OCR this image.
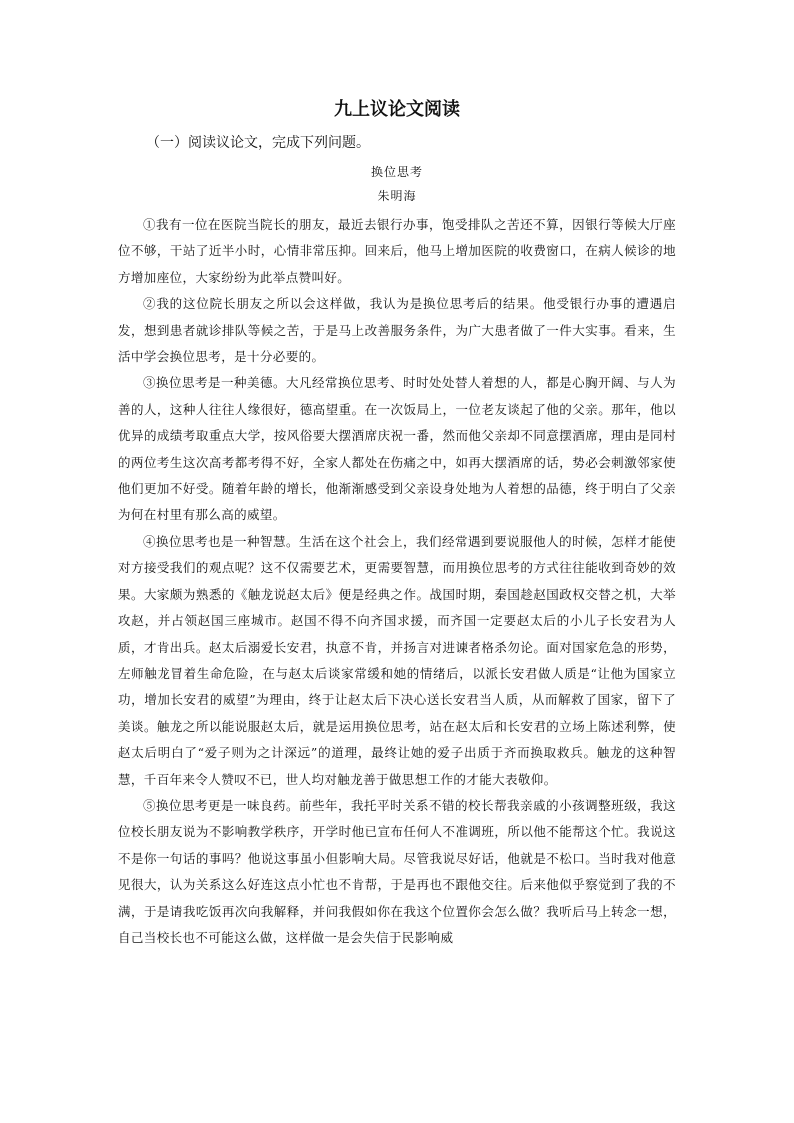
九上议论文阅读

（一）阅读议论文，完成下列问题。

换位思考

朱明海

①我有一位在医院当院长的朋友，最近去银行办事，饱受排队之苦还不算，因银行等候大厅座位不够，干站了近半小时，心情非常压抑。回来后，他马上增加医院的收费窗口，在病人候诊的地方增加座位，大家纷纷为此举点赞叫好。

②我的这位院长朋友之所以会这样做，我认为是换位思考后的结果。他受银行办事的遭遇启发，想到患者就诊排队等候之苦，于是马上改善服务条件，为广大患者做了一件大实事。看来，生活中学会换位思考，是十分必要的。

③换位思考是一种美德。大凡经常换位思考、时时处处替人着想的人，都是心胸开阔、与人为善的人，这种人往往人缘很好，德高望重。在一次饭局上，一位老友谈起了他的父亲。那年，他以优异的成绩考取重点大学，按风俗要大摆酒席庆祝一番，然而他父亲却不同意摆酒席，理由是同村的两位考生这次高考都考得不好，全家人都处在伤痛之中，如再大摆酒席的话，势必会刺激邻家使他们更加不好受。随着年龄的增长，他渐渐感受到父亲设身处地为人着想的品德，终于明白了父亲为何在村里有那么高的威望。

④换位思考也是一种智慧。生活在这个社会上，我们经常遇到要说服他人的时候，怎样才能使对方接受我们的观点呢？这不仅需要艺术，更需要智慧，而用换位思考的方式往往能收到奇妙的效果。大家颇为熟悉的《触龙说赵太后》便是经典之作。战国时期，秦国趁赵国政权交替之机，大举攻赵，并占领赵国三座城市。赵国不得不向齐国求援，而齐国一定要赵太后的小儿子长安君为人质，才肯出兵。赵太后溺爱长安君，执意不肯，并扬言对进谏者格杀勿论。面对国家危急的形势，左师触龙冒着生命危险，在与赵太后谈家常缓和她的情绪后，以派长安君做人质是“让他为国家立功，增加长安君的威望”为理由，终于让赵太后下决心送长安君当人质，从而解救了国家，留下了美谈。触龙之所以能说服赵太后，就是运用换位思考，站在赵太后和长安君的立场上陈述利弊，使赵太后明白了“爱子则为之计深远”的道理，最终让她的爱子出质于齐而换取救兵。触龙的这种智慧，千百年来令人赞叹不已，世人均对触龙善于做思想工作的才能大表敬仰。

⑤换位思考更是一味良药。前些年，我托平时关系不错的校长帮我亲戚的小孩调整班级，我这位校长朋友说为不影响教学秩序，开学时他已宣布任何人不准调班，所以他不能帮这个忙。我说这不是你一句话的事吗？他说这事虽小但影响大局。尽管我说尽好话，他就是不松口。当时我对他意见很大，认为关系这么好连这点小忙也不肯帮，于是再也不跟他交往。后来他似乎察觉到了我的不满，于是请我吃饭再次向我解释，并问我假如你在我这个位置你会怎么做？我听后马上转念一想，自己当校长也不可能这么做，这样做一是会失信于民影响威
